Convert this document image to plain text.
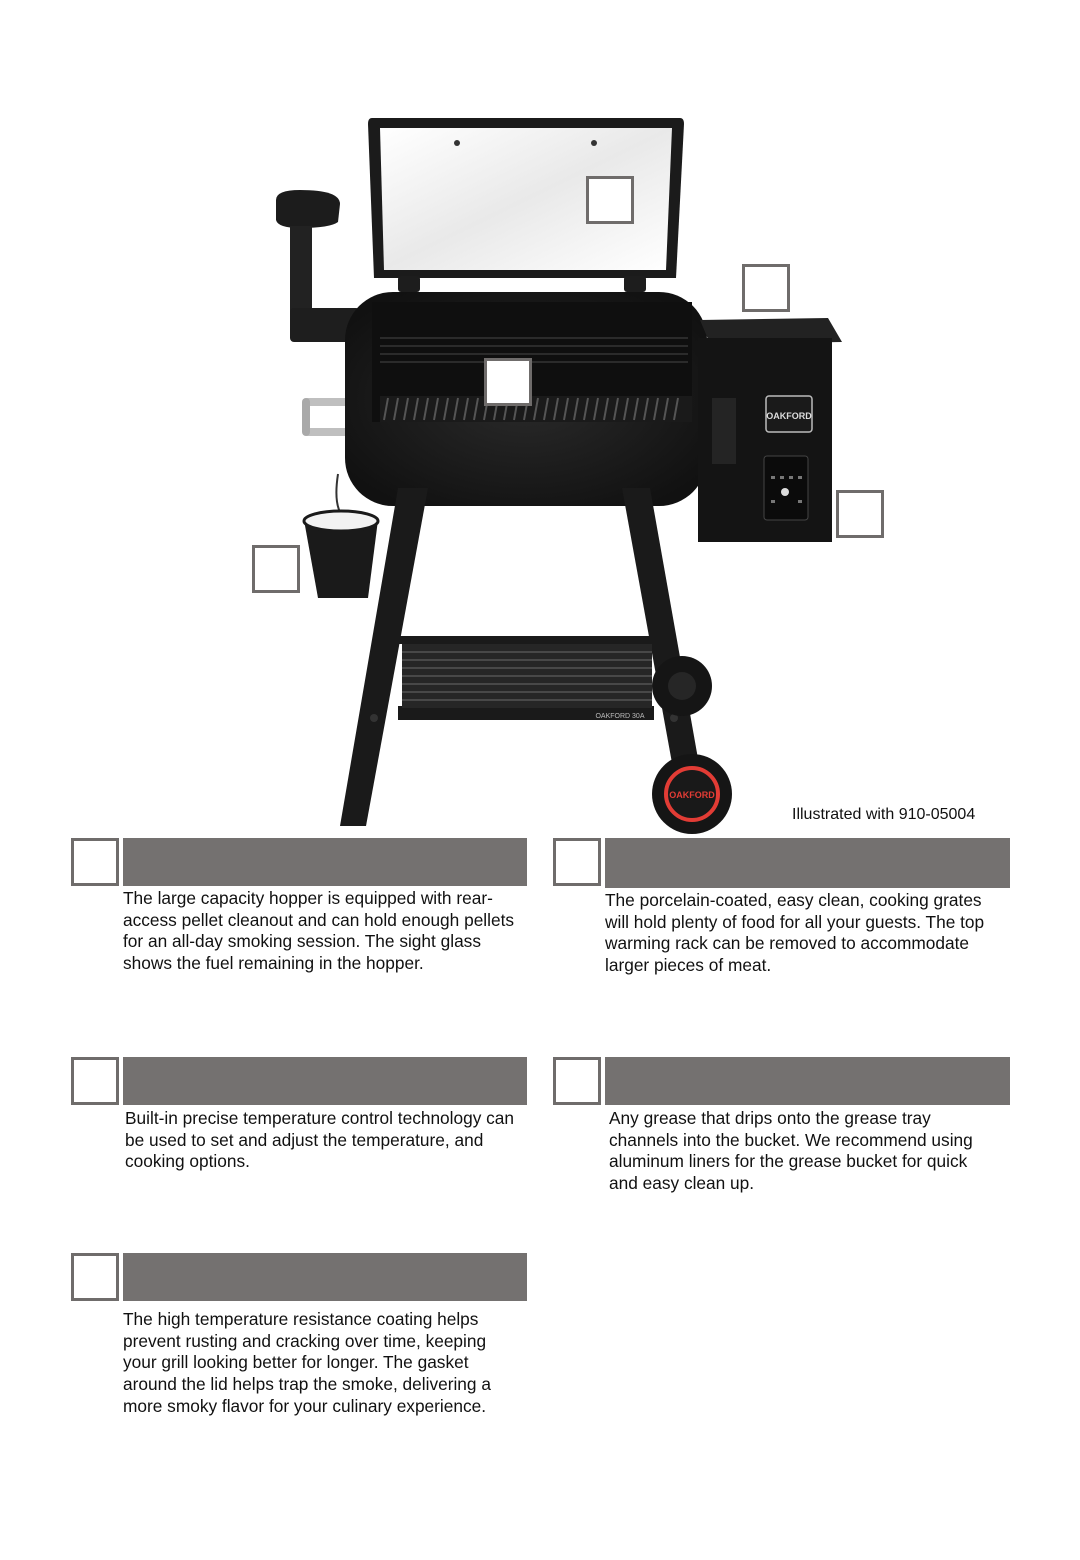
OAKFORD
OAKFORD 30A
OAKFORD
Illustrated with 910-05004
The large capacity hopper is equipped with rear-access pellet cleanout and can hold enough pellets for an all-day smoking session. The sight glass shows the fuel remaining in the hopper.
The porcelain-coated, easy clean, cooking grates will hold plenty of food for all your guests. The top warming rack can be removed to accommodate larger pieces of meat.
Built-in precise temperature control technology can be used to set and adjust the temperature, and cooking options.
Any grease that drips onto the grease tray channels into the bucket. We recommend using aluminum liners for the grease bucket for quick and easy clean up.
The high temperature resistance coating helps prevent rusting and cracking over time, keeping your grill looking better for longer. The gasket around the lid helps trap the smoke, delivering a more smoky flavor for your culinary experience.
